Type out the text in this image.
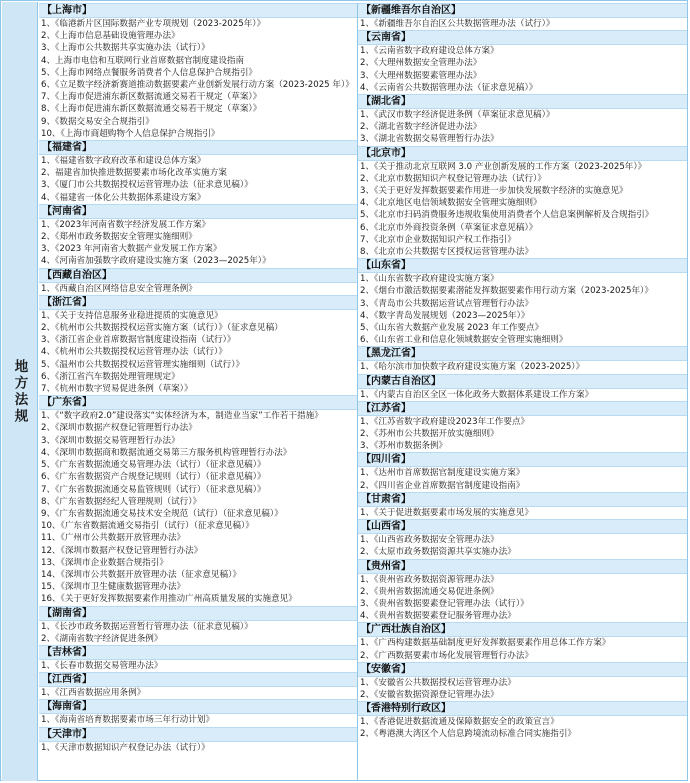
地方法规
【上海市】
1、《临港新片区国际数据产业专项规划（2023-2025年）》
2、《上海市信息基础设施管理办法》
3、《上海市公共数据共享实施办法（试行）》
4、上海市电信和互联网行业首席数据官制度建设指南
5、《上海市网络点餐服务消费者个人信息保护合规指引》
6、《立足数字经济新赛道推动数据要素产业创新发展行动方案（2023-2025 年）》
7、《上海市促进浦东新区数据流通交易若干规定（草案）》
8、《上海市促进浦东新区数据流通交易若干规定（草案）》
9、《数据交易安全合规指引》
10、《上海市商超购物个人信息保护合规指引》
【福建省】
1、《福建省数字政府改革和建设总体方案》
2、福建省加快推进数据要素市场化改革实施方案
3、《厦门市公共数据授权运营管理办法（征求意见稿）》
4、《福建省一体化公共数据体系建设方案》
【河南省】
1、《2023年河南省数字经济发展工作方案》
2、《郑州市政务数据安全管理实施细则》
3、《2023 年河南省大数据产业发展工作方案》
4、《河南省加强数字政府建设实施方案（2023—2025年）》
【西藏自治区】
1、《西藏自治区网络信息安全管理条例》
【浙江省】
1、《关于支持信息服务业稳进提质的实施意见》
2、《杭州市公共数据授权运营实施方案（试行）》（征求意见稿）
3、《浙江省企业首席数据官制度建设指南（试行）》
4、《杭州市公共数据授权运营管理办法（试行）》
5、《温州市公共数据授权运营管理实施细则（试行）》
6、《浙江省汽车数据处理管理规定》
7、《杭州市数字贸易促进条例（草案）》
【广东省】
1、《“数字政府2.0”建设落实“实体经济为本，制造业当家”工作若干措施》
2、《深圳市数据产权登记管理暂行办法》
3、《深圳市数据交易管理暂行办法》
4、《深圳市数据商和数据流通交易第三方服务机构管理暂行办法》
5、《广东省数据流通交易管理办法（试行）（征求意见稿）》
6、《广东省数据资产合规登记规则（试行）（征求意见稿）》
7、《广东省数据流通交易监管规则（试行）（征求意见稿）》
8、《广东省数据经纪人管理规则（试行）》
9、《广东省数据流通交易技术安全规范（试行）（征求意见稿）》
10、《广东省数据流通交易指引（试行）（征求意见稿）》
11、《广州市公共数据开放管理办法》
12、《深圳市数据产权登记管理暂行办法》
13、《深圳市企业数据合规指引》
14、《深圳市公共数据开放管理办法（征求意见稿）》
15、《深圳市卫生健康数据管理办法》
16、《关于更好发挥数据要素作用推动广州高质量发展的实施意见》
【湖南省】
1、《长沙市政务数据运营暂行管理办法（征求意见稿）》
2、《湖南省数字经济促进条例》
【吉林省】
1、《长春市数据交易管理办法》
【江西省】
1、《江西省数据应用条例》
【海南省】
1、《海南省培育数据要素市场三年行动计划》
【天津市】
1、《天津市数据知识产权登记办法（试行）》
【新疆维吾尔自治区】
1、《新疆维吾尔自治区公共数据管理办法（试行）》
【云南省】
1、《云南省数字政府建设总体方案》
2、《大理州数据安全管理办法》
3、《大理州数据要素管理办法》
4、《云南省公共数据管理办法（征求意见稿）》
【湖北省】
1、《武汉市数字经济促进条例（草案征求意见稿）》
2、《湖北省数字经济促进办法》
3、《湖北省数据交易管理暂行办法》
【北京市】
1、《关于推动北京互联网 3.0 产业创新发展的工作方案（2023-2025年）》
2、《北京市数据知识产权登记管理办法（试行）》
3、《关于更好发挥数据要素作用进一步加快发展数字经济的实施意见》
4、《北京地区电信领域数据安全管理实施细则》
5、《北京市扫码消费服务违规收集使用消费者个人信息案例解析及合规指引》
6、《北京市外商投资条例（草案征求意见稿）》
7、《北京市企业数据知识产权工作指引》
8、《北京市公共数据专区授权运营管理办法》
【山东省】
1、《山东省数字政府建设实施方案》
2、《烟台市激活数据要素潜能发挥数据要素作用行动方案（2023-2025年）》
3、《青岛市公共数据运营试点管理暂行办法》
4、《数字青岛发展规划（2023—2025年）》
5、《山东省大数据产业发展 2023 年工作要点》
6、《山东省工业和信息化领域数据安全管理实施细则》
【黑龙江省】
1、《哈尔滨市加快数字政府建设实施方案（2023-2025）》
【内蒙古自治区】
1、《内蒙古自治区全区一体化政务大数据体系建设工作方案》
【江苏省】
1、《江苏省数字政府建设2023年工作要点》
2、《苏州市公共数据开放实施细则》
3、《苏州市数据条例》
【四川省】
1、《达州市首席数据官制度建设实施方案》
2、《四川省企业首席数据官制度建设指南》
【甘肃省】
1、《关于促进数据要素市场发展的实施意见》
【山西省】
1、《山西省政务数据安全管理办法》
2、《太原市政务数据资源共享实施办法》
【贵州省】
1、《贵州省政务数据资源管理办法》
2、《贵州省数据流通交易促进条例》
3、《贵州省数据要素登记管理办法（试行）》
4、《贵州省数据要素登记服务管理办法》
【广西壮族自治区】
1、《广西构建数据基础制度更好发挥数据要素作用总体工作方案》
2、《广西数据要素市场化发展管理暂行办法》
【安徽省】
1、《安徽省公共数据授权运营管理办法》
2、《安徽省数据资源登记管理办法》
【香港特别行政区】
1、《香港促进数据流通及保障数据安全的政策宣言》
2、《粤港澳大湾区个人信息跨境流动标准合同实施指引》
